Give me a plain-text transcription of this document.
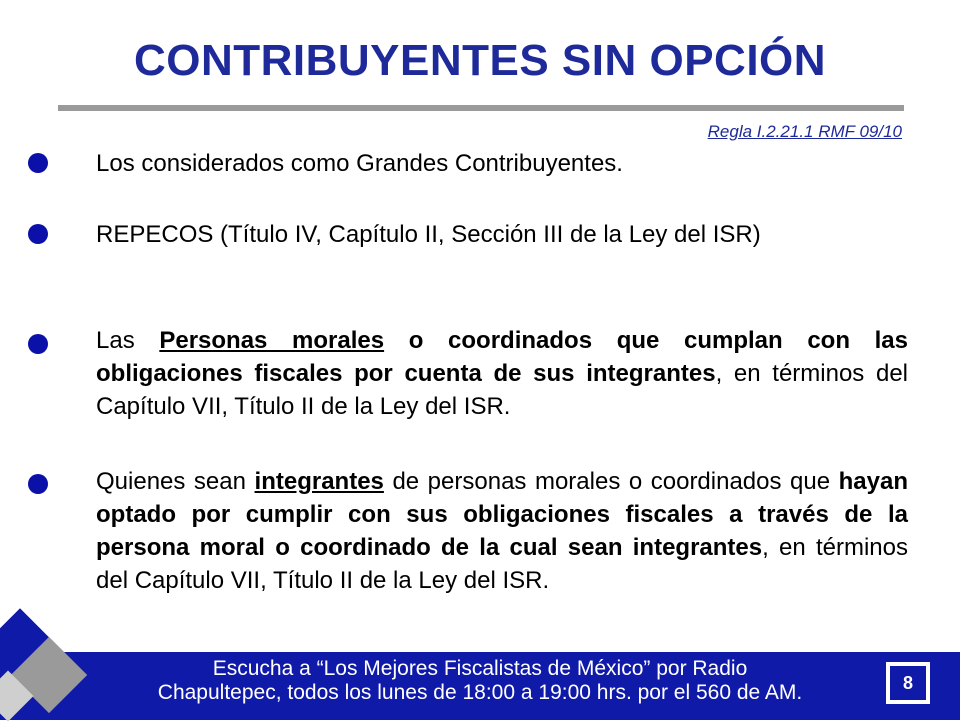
CONTRIBUYENTES SIN OPCIÓN
Regla I.2.21.1 RMF 09/10
Los considerados como Grandes Contribuyentes.
REPECOS (Título IV, Capítulo II, Sección III de la Ley del ISR)
Las Personas morales o coordinados que cumplan con las obligaciones fiscales por cuenta de sus integrantes, en términos del Capítulo VII, Título II de la Ley del ISR.
Quienes sean integrantes de personas morales o coordinados que hayan optado por cumplir con sus obligaciones fiscales a través de la persona moral o coordinado de la cual sean integrantes, en términos del Capítulo VII, Título II de la Ley del ISR.
Escucha a “Los Mejores Fiscalistas de México” por Radio
Chapultepec, todos los lunes de 18:00 a 19:00 hrs. por el 560 de AM.	8
